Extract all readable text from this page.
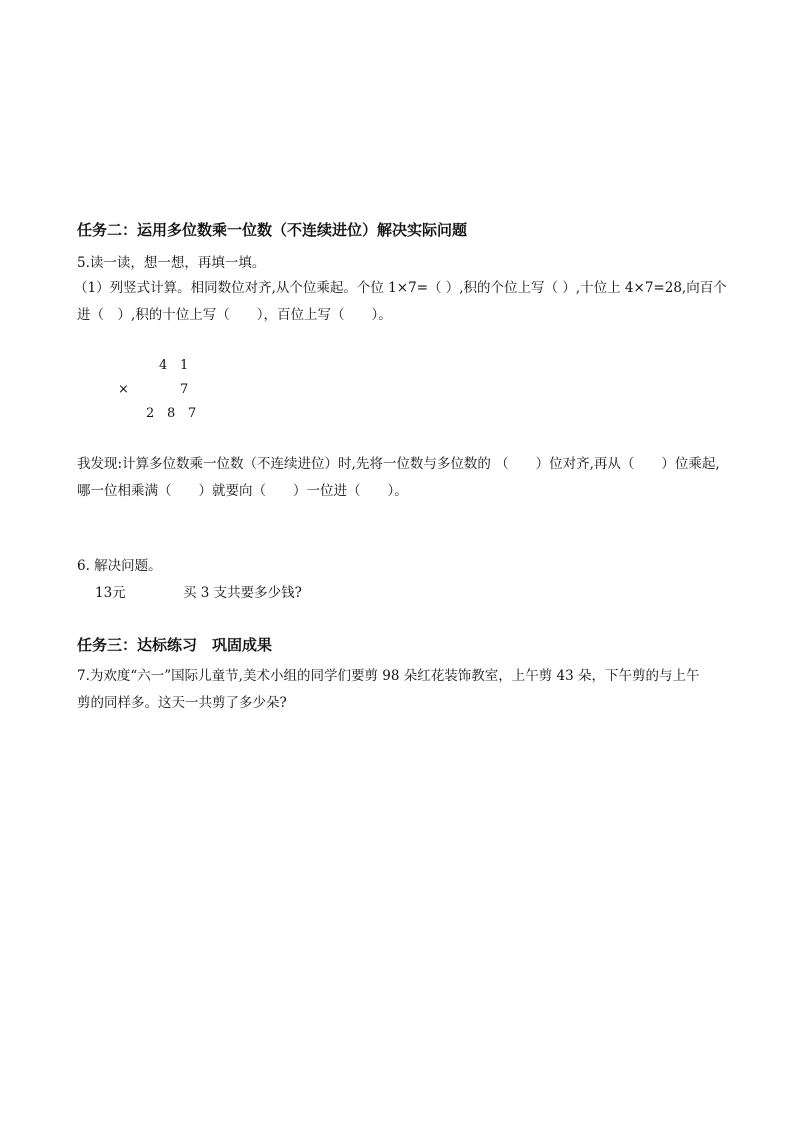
任务二：运用多位数乘一位数（不连续进位）解决实际问题
5.读一读，想一想，再填一填。
（1）列竖式计算。相同数位对齐,从个位乘起。个位 1×7=（ ）,积的个位上写（ ）,十位上 4×7=28,向百个
进（　）,积的十位上写（　　），百位上写（　　）。
4 1
×	7
2 8 7
我发现:计算多位数乘一位数（不连续进位）时,先将一位数与多位数的 （　　）位对齐,再从（　　）位乘起,
哪一位相乘满（　　）就要向（　　）一位进（　　）。
6. 解决问题。
13元	买 3 支共要多少钱?
任务三：达标练习　巩固成果
7.为欢度“六一”国际儿童节,美术小组的同学们要剪 98 朵红花装饰教室，上午剪 43 朵，下午剪的与上午
剪的同样多。这天一共剪了多少朵?
